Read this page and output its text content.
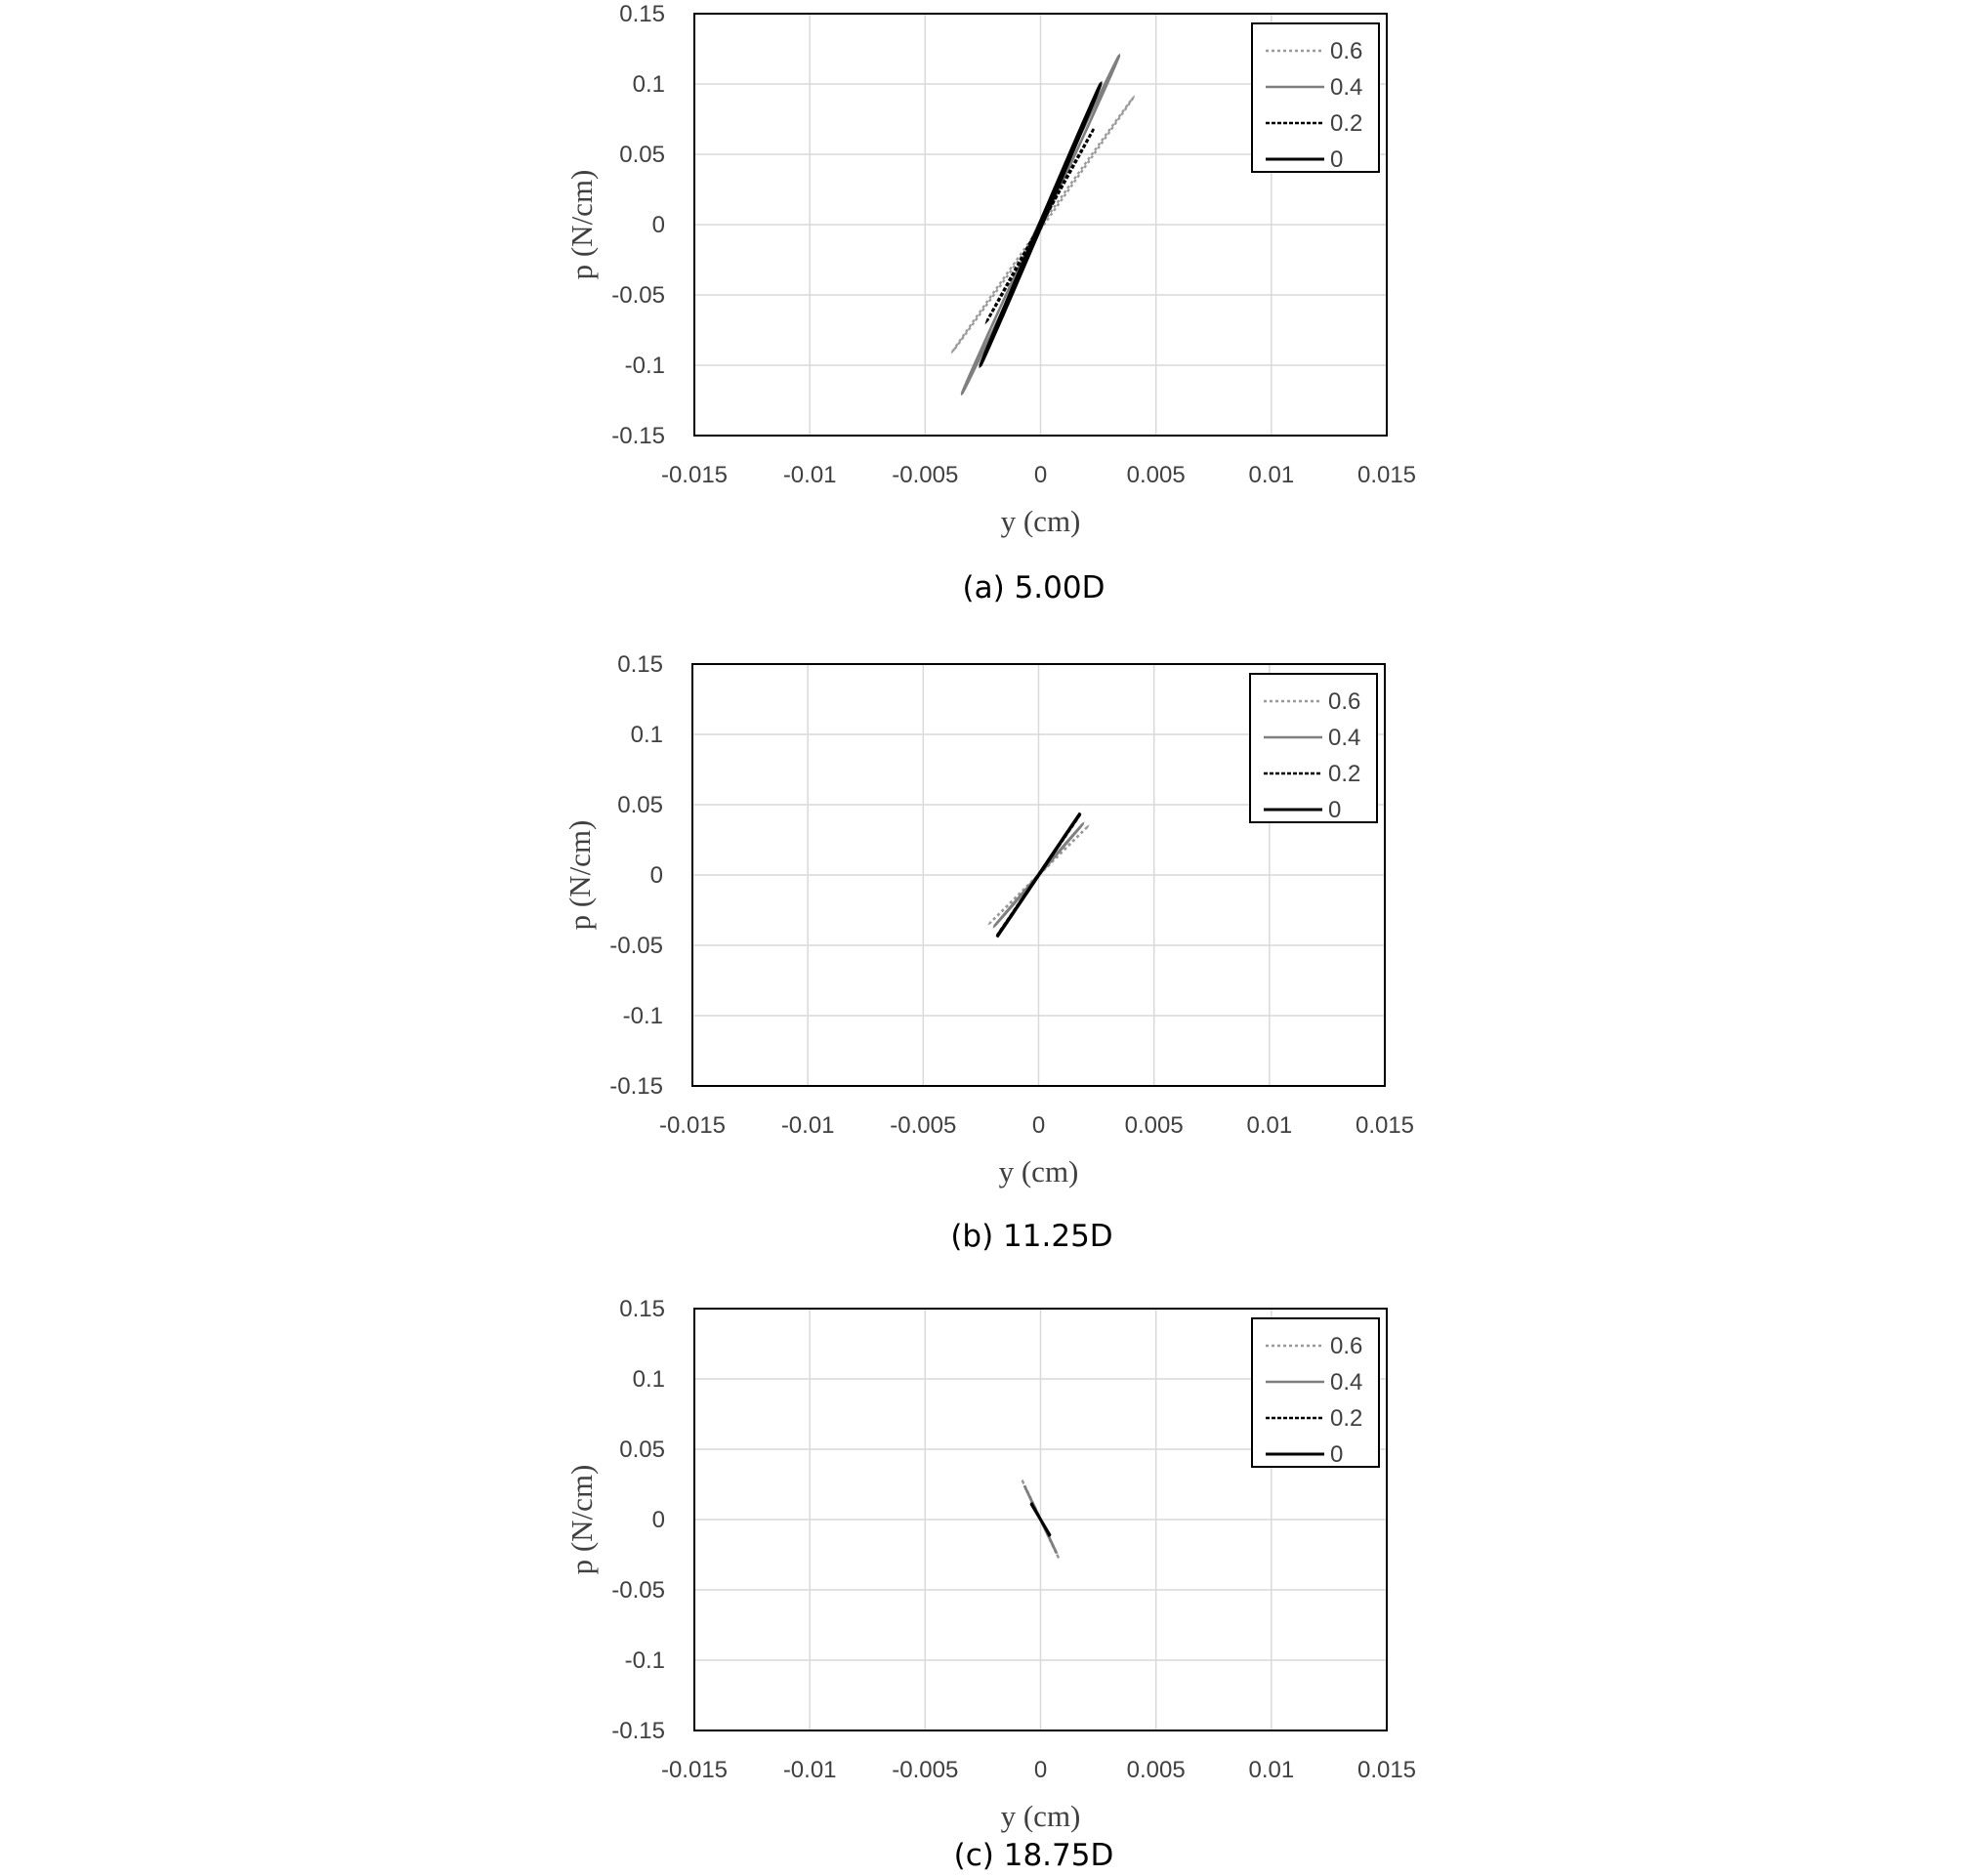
0.15
0.1
0.05
0
-0.05
-0.1
-0.15
-0.015 -0.01 -0.005	0	0.005	0.01	0.015
y (cm)
p (N/cm)
0.6
0.4
0.2
0
(a) 5.00D
0.15
0.1
0.05
0
-0.05
-0.1
-0.15
-0.015 -0.01 -0.005	0	0.005	0.01	0.015
y (cm)
p (N/cm)
0.6
0.4
0.2
0
(b) 11.25D
0.15
0.1
0.05
0
-0.05
-0.1
-0.15
-0.015 -0.01 -0.005	0	0.005	0.01	0.015
y (cm)
p (N/cm)
0.6
0.4
0.2
0
(c) 18.75D
